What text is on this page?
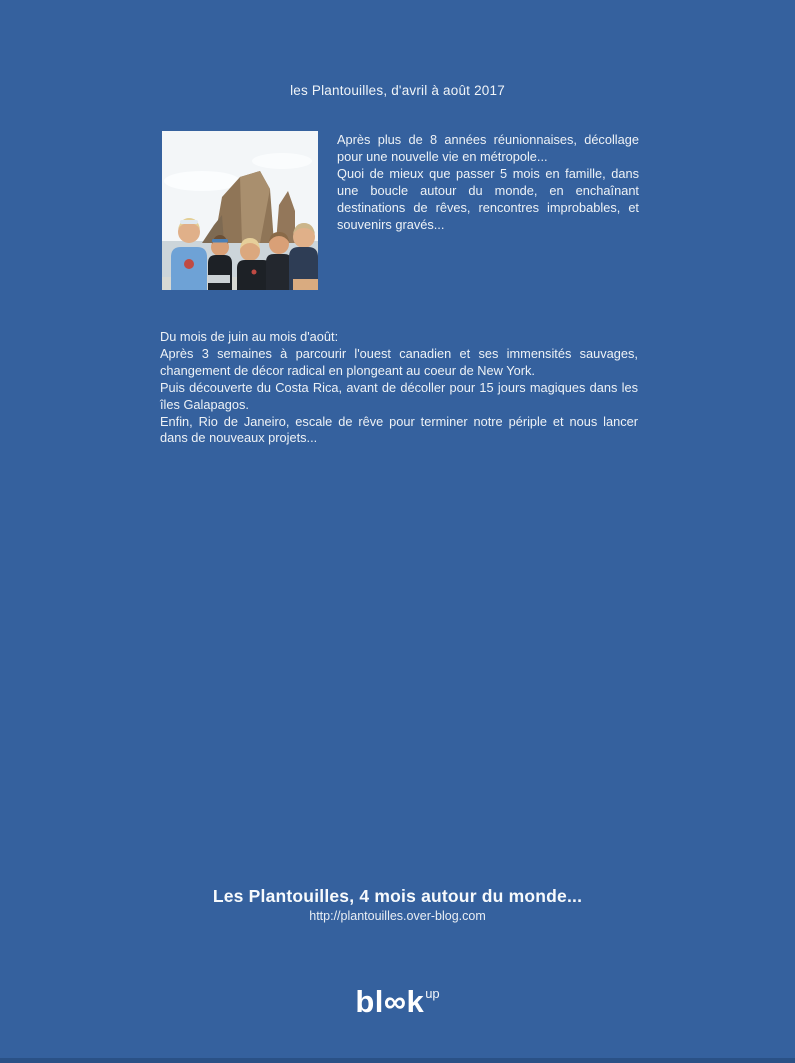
les Plantouilles, d'avril à août 2017

Après plus de 8 années réunionnaises, décollage pour une nouvelle vie en métropole...

Quoi de mieux que passer 5 mois en famille, dans une boucle autour du monde, en enchaînant destinations de rêves, rencontres improbables, et souvenirs gravés...

Du mois de juin au mois d'août:

Après 3 semaines à parcourir l'ouest canadien et ses immensités sauvages, changement de décor radical en plongeant au coeur de New York.

Puis découverte du Costa Rica, avant de décoller pour 15 jours magiques dans les îles Galapagos.

Enfin, Rio de Janeiro, escale de rêve pour terminer notre périple et nous lancer dans de nouveaux projets...

Les Plantouilles, 4 mois autour du monde...
http://plantouilles.over-blog.com
$bl\infty k^{up}$
